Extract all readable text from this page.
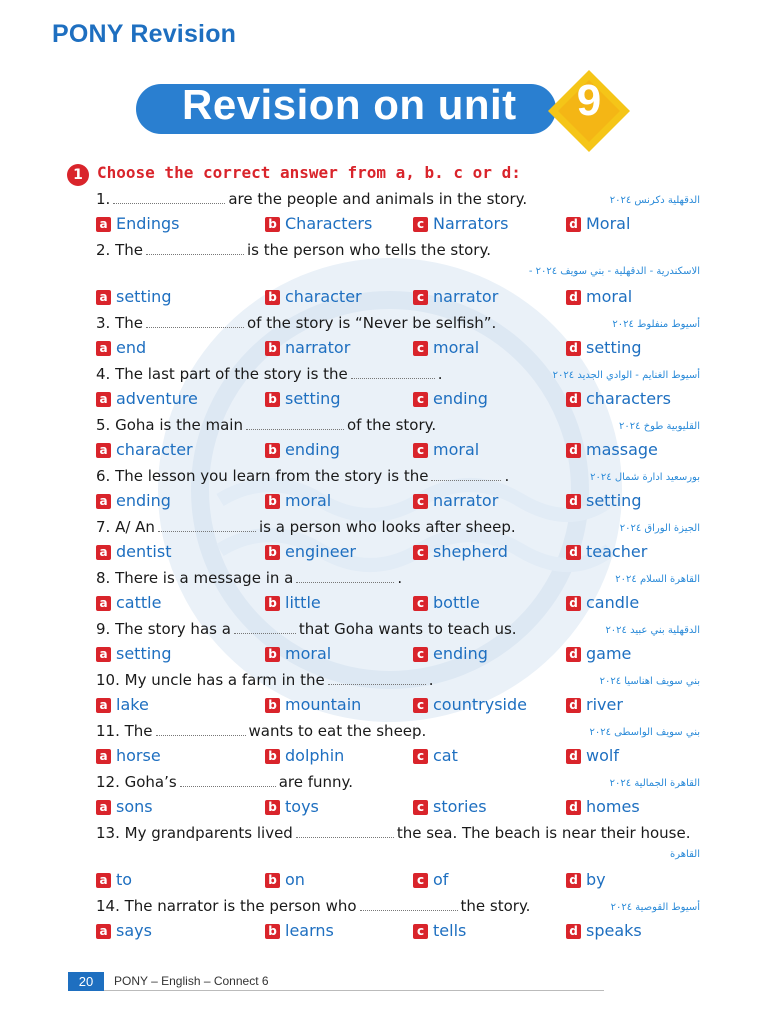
PONY Revision
Revision on unit	9
1 Choose the correct answer from a, b. c or d:
1.	are the people and animals in the story.	الدقهلية دكرنس ٢٠٢٤
a Endings	b Characters	c Narrators	d Moral
2. The	is the person who tells the story.
الاسكندرية - الدقهلية - بني سويف ٢٠٢٤ -
a setting	b character	c narrator	d moral
3. The	of the story is “Never be selfish”.	أسيوط منفلوط ٢٠٢٤
a end	b narrator	c moral	d setting
4. The last part of the story is the	.	أسيوط الغنايم - الوادي الجديد ٢٠٢٤
a adventure	b setting	c ending	d characters
5. Goha is the main	of the story.	القليوبية طوخ ٢٠٢٤
a character	b ending	c moral	d massage
6. The lesson you learn from the story is the	.	بورسعيد ادارة شمال ٢٠٢٤
a ending	b moral	c narrator	d setting
7. A/ An	is a person who looks after sheep.	الجيزة الوراق ٢٠٢٤
a dentist	b engineer	c shepherd	d teacher
8. There is a message in a	.	القاهرة السلام ٢٠٢٤
a cattle	b little	c bottle	d candle
9. The story has a	that Goha wants to teach us.	الدقهلية بني عبيد ٢٠٢٤
a setting	b moral	c ending	d game
10. My uncle has a farm in the	.	بني سويف اهناسيا ٢٠٢٤
a lake	b mountain	c countryside	d river
11. The	wants to eat the sheep.	بني سويف الواسطى ٢٠٢٤
a horse	b dolphin	c cat	d wolf
12. Goha’s	are funny.	القاهرة الجمالية ٢٠٢٤
a sons	b toys	c stories	d homes
13. My grandparents lived	the sea. The beach is near their house.
القاهرة
a to	b on	c of	d by
14. The narrator is the person who	the story.	أسيوط القوصية ٢٠٢٤
a says	b learns	c tells	d speaks
20	PONY – English – Connect 6
